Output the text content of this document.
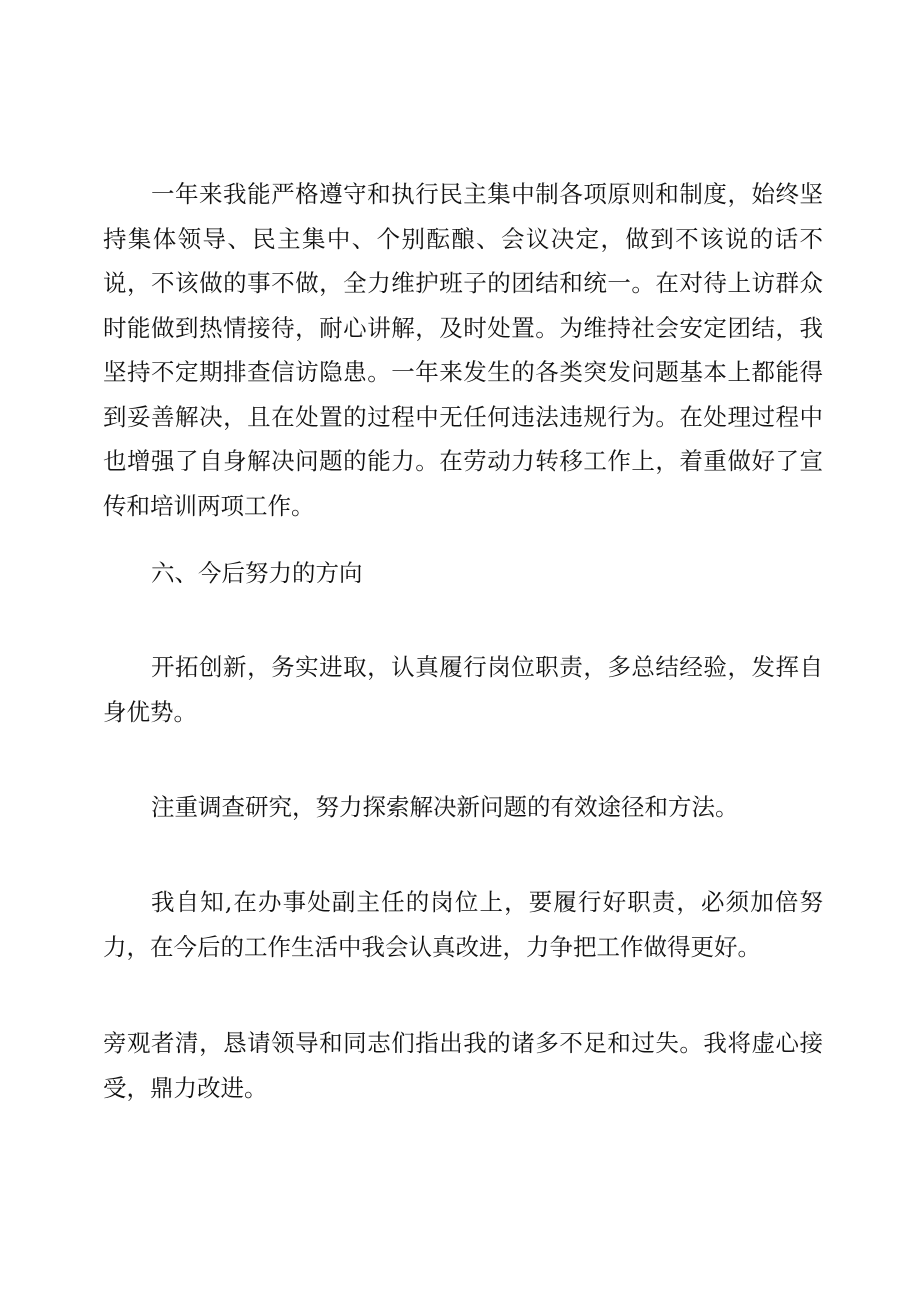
一年来我能严格遵守和执行民主集中制各项原则和制度，始终坚持集体领导、民主集中、个别酝酿、会议决定，做到不该说的话不说，不该做的事不做，全力维护班子的团结和统一。在对待上访群众时能做到热情接待，耐心讲解，及时处置。为维持社会安定团结，我坚持不定期排查信访隐患。一年来发生的各类突发问题基本上都能得到妥善解决，且在处置的过程中无任何违法违规行为。在处理过程中也增强了自身解决问题的能力。在劳动力转移工作上，着重做好了宣传和培训两项工作。

六、今后努力的方向

开拓创新，务实进取，认真履行岗位职责，多总结经验，发挥自身优势。

注重调查研究，努力探索解决新问题的有效途径和方法。

我自知,在办事处副主任的岗位上，要履行好职责，必须加倍努力，在今后的工作生活中我会认真改进，力争把工作做得更好。

旁观者清，恳请领导和同志们指出我的诸多不足和过失。我将虚心接受，鼎力改进。
